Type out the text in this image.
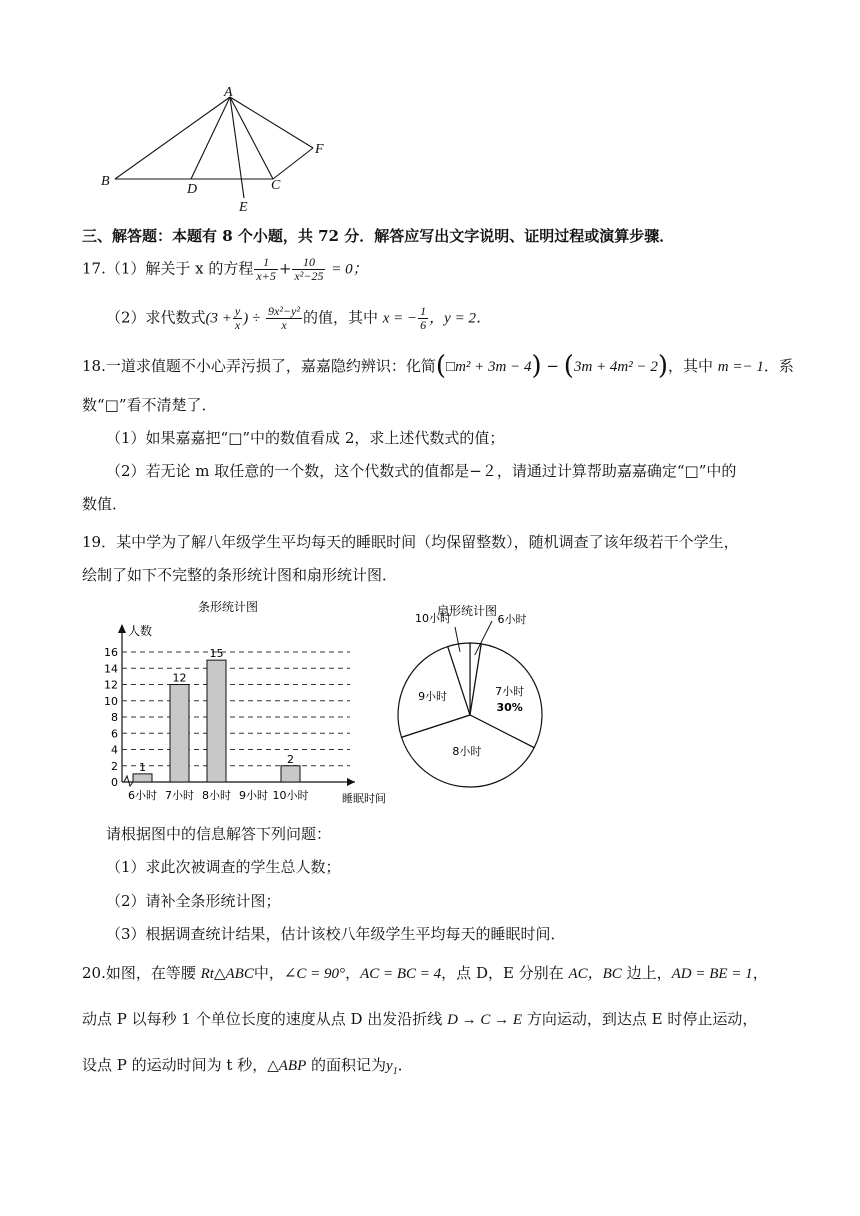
A
B	C
D
E
F
三、解答题：本题有 8 个小题，共 72 分．解答应写出文字说明、证明过程或演算步骤．
17.（1）解关于 x 的方程 $\frac{1}{x+5} + \frac{10}{\text{x²−25}} = 0$；
（2）求代数式($3 + \frac{y}{x}$ ) ÷ $\frac{\text{9x²−y²}}{x}$ 的值，其中 x = − $\frac{1}{6}$ ，y = 2．
18.一道求值题不小心弄污损了，嘉嘉隐约辨识：化简(□m² + 3m − 4) − (3m + 4m² − 2)，其中 m =− 1．系
数“□”看不清楚了．
（1）如果嘉嘉把“□”中的数值看成 2，求上述代数式的值；
（2）若无论 m 取任意的一个数，这个代数式的值都是−２，请通过计算帮助嘉嘉确定“□”中的
数值．
19．某中学为了解八年级学生平均每天的睡眠时间（均保留整数），随机调查了该年级若干个学生，
绘制了如下不完整的条形统计图和扇形统计图．
条形统计图
人数
睡眠时间
0
2
4
6
8
10
12
14
16
6小时 7小时 8小时 9小时 10小时
1
12
15
2
扇形统计图
7小时
30%
8小时
9小时
6小时
10小时
请根据图中的信息解答下列问题：
（1）求此次被调查的学生总人数；
（2）请补全条形统计图；
（3）根据调查统计结果，估计该校八年级学生平均每天的睡眠时间．
20.如图，在等腰 Rt△ABC中，∠C = 90°，AC = BC = 4，点 D，E 分别在 AC，BC 边上，AD = BE = 1，
动点 P 以每秒 1 个单位长度的速度从点 D 出发沿折线 D → C → E 方向运动，到达点 E 时停止运动，
设点 P 的运动时间为 t 秒，△ABP 的面积记为$y_1$．
